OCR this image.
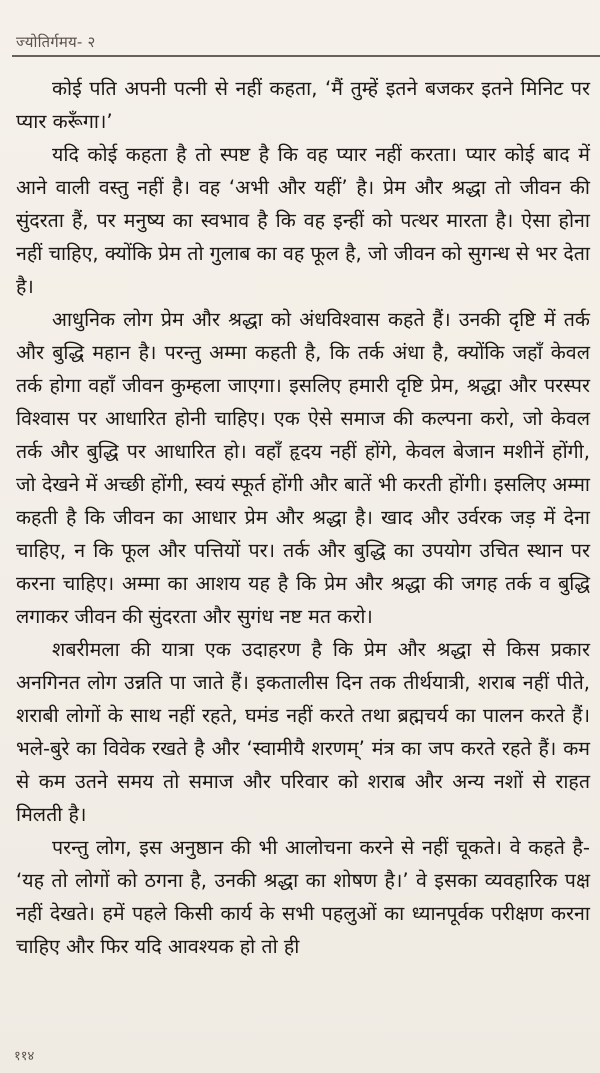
ज्योतिर्गमय- २

कोई पति अपनी पत्नी से नहीं कहता, ‘मैं तुम्हें इतने बजकर इतने मिनिट पर प्यार करूँगा।’

यदि कोई कहता है तो स्पष्ट है कि वह प्यार नहीं करता। प्यार कोई बाद में आने वाली वस्तु नहीं है। वह ‘अभी और यहीं’ है। प्रेम और श्रद्धा तो जीवन की सुंदरता हैं, पर मनुष्य का स्वभाव है कि वह इन्हीं को पत्थर मारता है। ऐसा होना नहीं चाहिए, क्योंकि प्रेम तो गुलाब का वह फूल है, जो जीवन को सुगन्ध से भर देता है।

आधुनिक लोग प्रेम और श्रद्धा को अंधविश्वास कहते हैं। उनकी दृष्टि में तर्क और बुद्धि महान है। परन्तु अम्मा कहती है, कि तर्क अंधा है, क्योंकि जहाँ केवल तर्क होगा वहाँ जीवन कुम्हला जाएगा। इसलिए हमारी दृष्टि प्रेम, श्रद्धा और परस्पर विश्वास पर आधारित होनी चाहिए। एक ऐसे समाज की कल्पना करो, जो केवल तर्क और बुद्धि पर आधारित हो। वहाँ हृदय नहीं होंगे, केवल बेजान मशीनें होंगी, जो देखने में अच्छी होंगी, स्वयं स्फूर्त होंगी और बातें भी करती होंगी। इसलिए अम्मा कहती है कि जीवन का आधार प्रेम और श्रद्धा है। खाद और उर्वरक जड़ में देना चाहिए, न कि फूल और पत्तियों पर। तर्क और बुद्धि का उपयोग उचित स्थान पर करना चाहिए। अम्मा का आशय यह है कि प्रेम और श्रद्धा की जगह तर्क व बुद्धि लगाकर जीवन की सुंदरता और सुगंध नष्ट मत करो।

शबरीमला की यात्रा एक उदाहरण है कि प्रेम और श्रद्धा से किस प्रकार अनगिनत लोग उन्नति पा जाते हैं। इकतालीस दिन तक तीर्थयात्री, शराब नहीं पीते, शराबी लोगों के साथ नहीं रहते, घमंड नहीं करते तथा ब्रह्मचर्य का पालन करते हैं। भले-बुरे का विवेक रखते है और ‘स्वामीयै शरणम्’ मंत्र का जप करते रहते हैं। कम से कम उतने समय तो समाज और परिवार को शराब और अन्य नशों से राहत मिलती है।

परन्तु लोग, इस अनुष्ठान की भी आलोचना करने से नहीं चूकते। वे कहते है- ‘यह तो लोगों को ठगना है, उनकी श्रद्धा का शोषण है।’ वे इसका व्यवहारिक पक्ष नहीं देखते। हमें पहले किसी कार्य के सभी पहलुओं का ध्यानपूर्वक परीक्षण करना चाहिए और फिर यदि आवश्यक हो तो ही

११४
